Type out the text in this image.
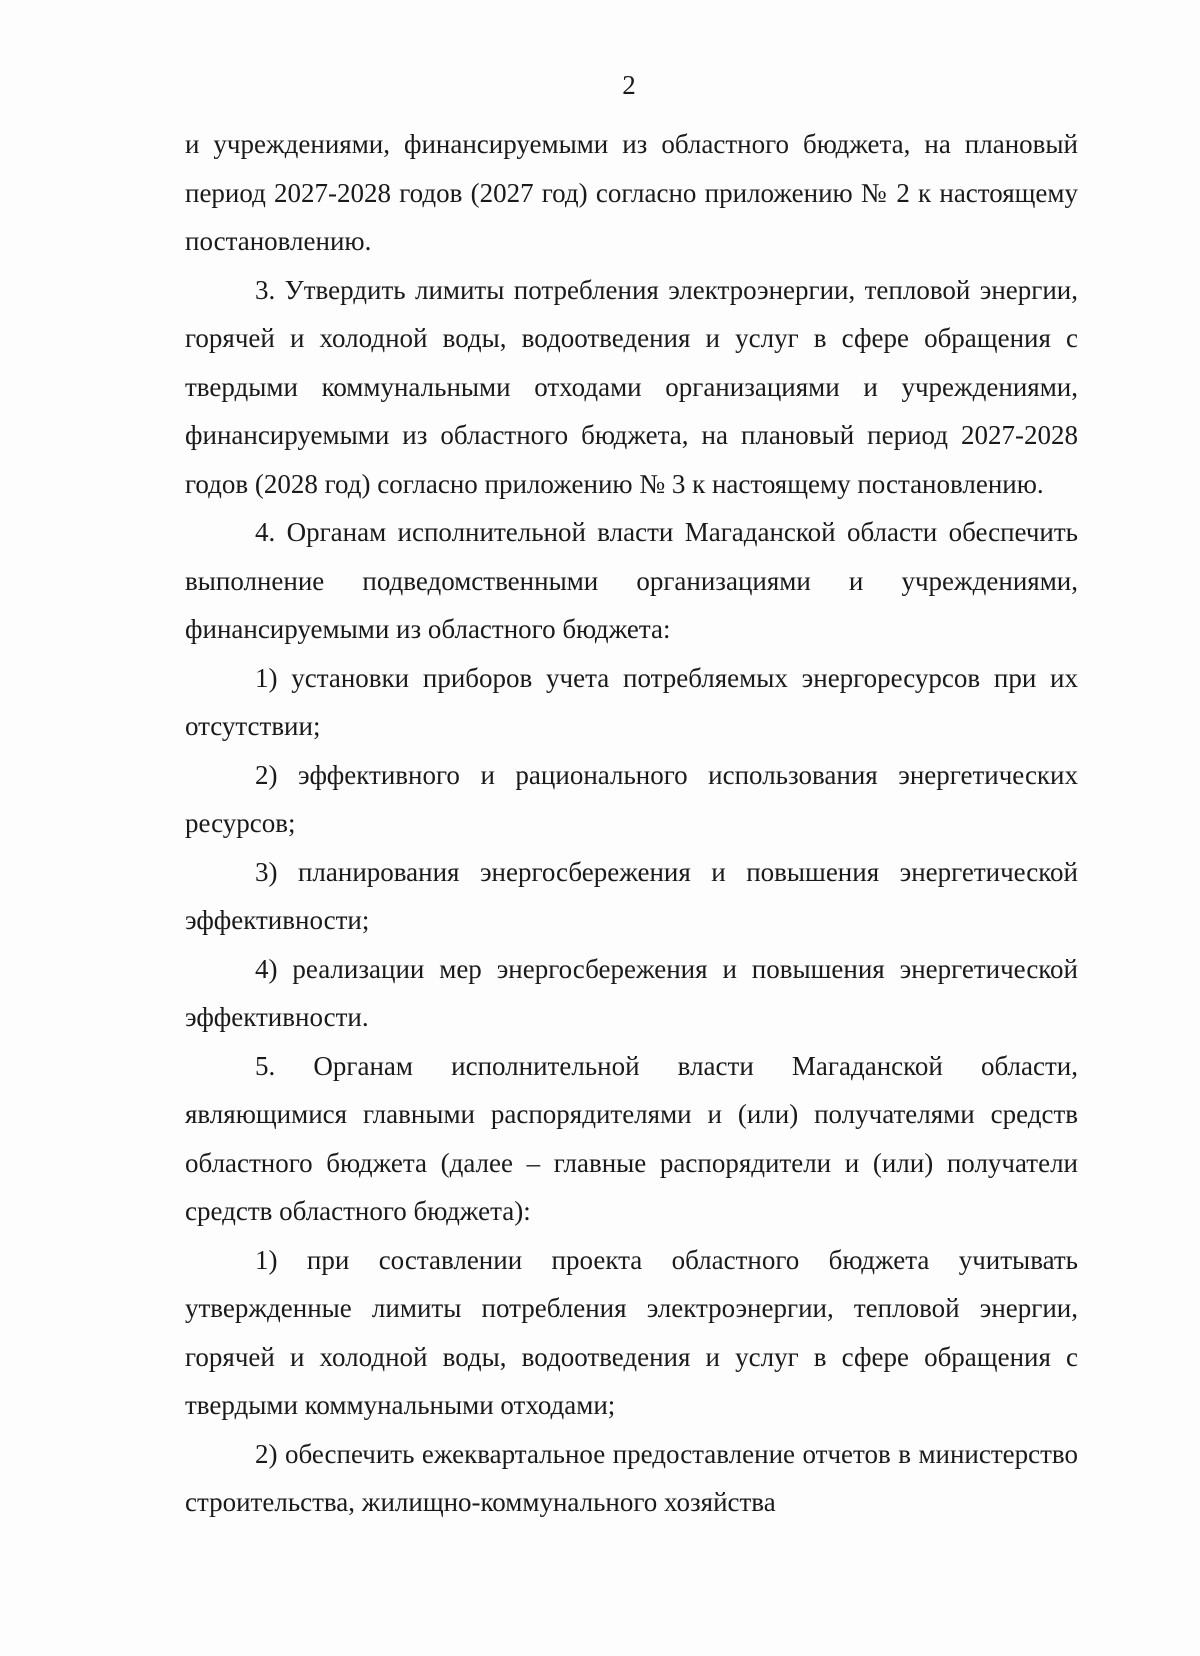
2

и учреждениями, финансируемыми из областного бюджета, на плановый период 2027-2028 годов (2027 год) согласно приложению № 2 к настоящему постановлению.

3. Утвердить лимиты потребления электроэнергии, тепловой энергии, горячей и холодной воды, водоотведения и услуг в сфере обращения с твердыми коммунальными отходами организациями и учреждениями, финансируемыми из областного бюджета, на плановый период 2027-2028 годов (2028 год) согласно приложению № 3 к настоящему постановлению.

4. Органам исполнительной власти Магаданской области обеспечить выполнение подведомственными организациями и учреждениями, финансируемыми из областного бюджета:

1) установки приборов учета потребляемых энергоресурсов при их отсутствии;

2) эффективного и рационального использования энергетических ресурсов;

3) планирования энергосбережения и повышения энергетической эффективности;

4) реализации мер энергосбережения и повышения энергетической эффективности.

5. Органам исполнительной власти Магаданской области, являющимися главными распорядителями и (или) получателями средств областного бюджета (далее – главные распорядители и (или) получатели средств областного бюджета):

1) при составлении проекта областного бюджета учитывать утвержденные лимиты потребления электроэнергии, тепловой энергии, горячей и холодной воды, водоотведения и услуг в сфере обращения с твердыми коммунальными отходами;

2) обеспечить ежеквартальное предоставление отчетов в министерство строительства, жилищно-коммунального хозяйства
